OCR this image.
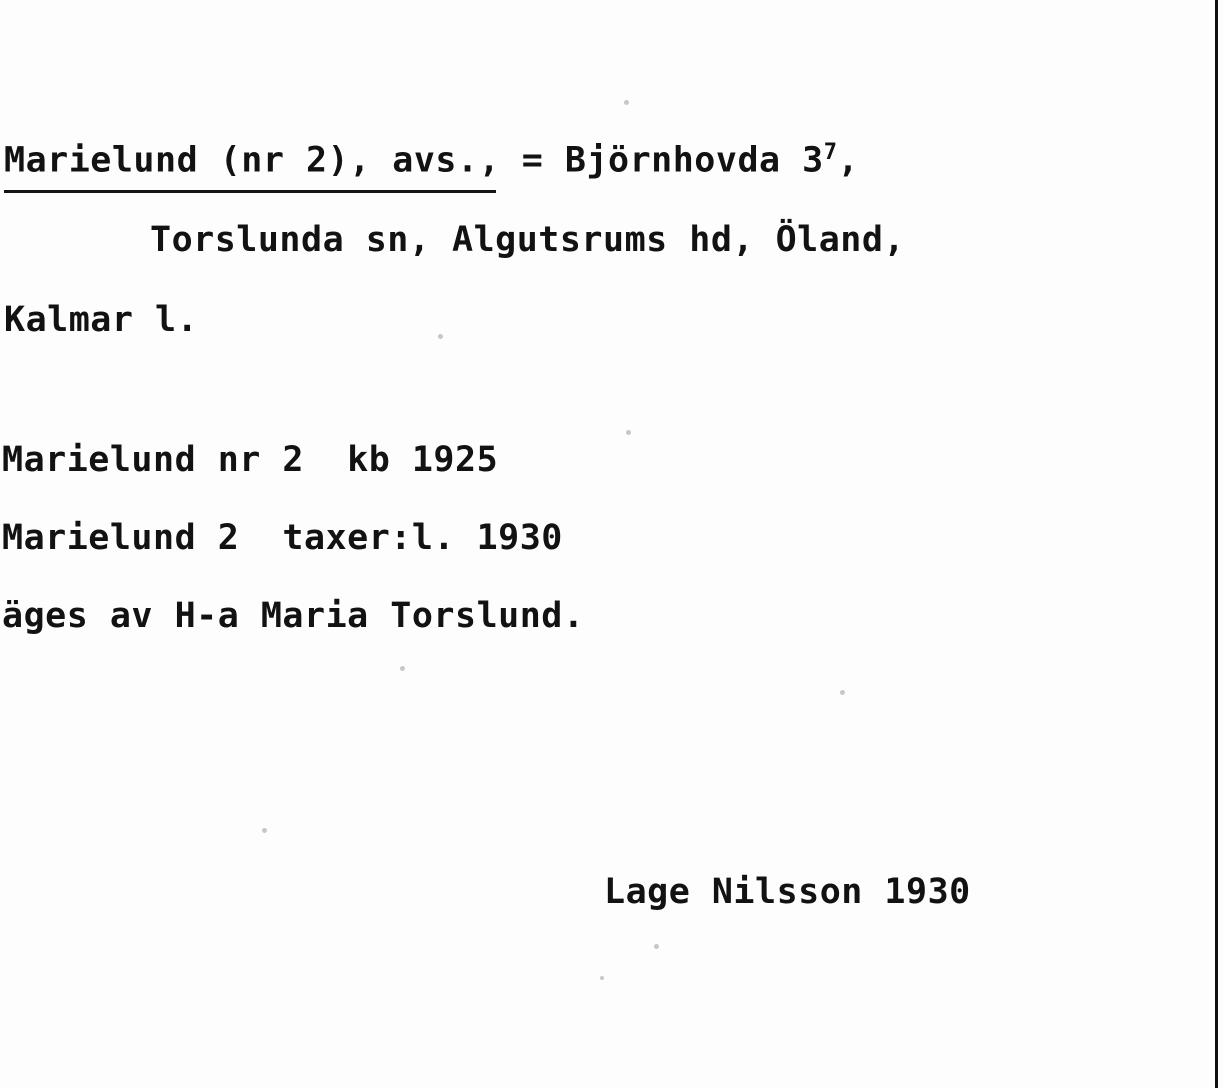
Marielund (nr 2), avs., = Björnhovda $3^7$,
Torslunda sn, Algutsrums hd, Öland,
Kalmar l.
Marielund nr 2  kb 1925
Marielund 2  taxer:l. 1930
äges av H-a Maria Torslund.
Lage Nilsson 1930
